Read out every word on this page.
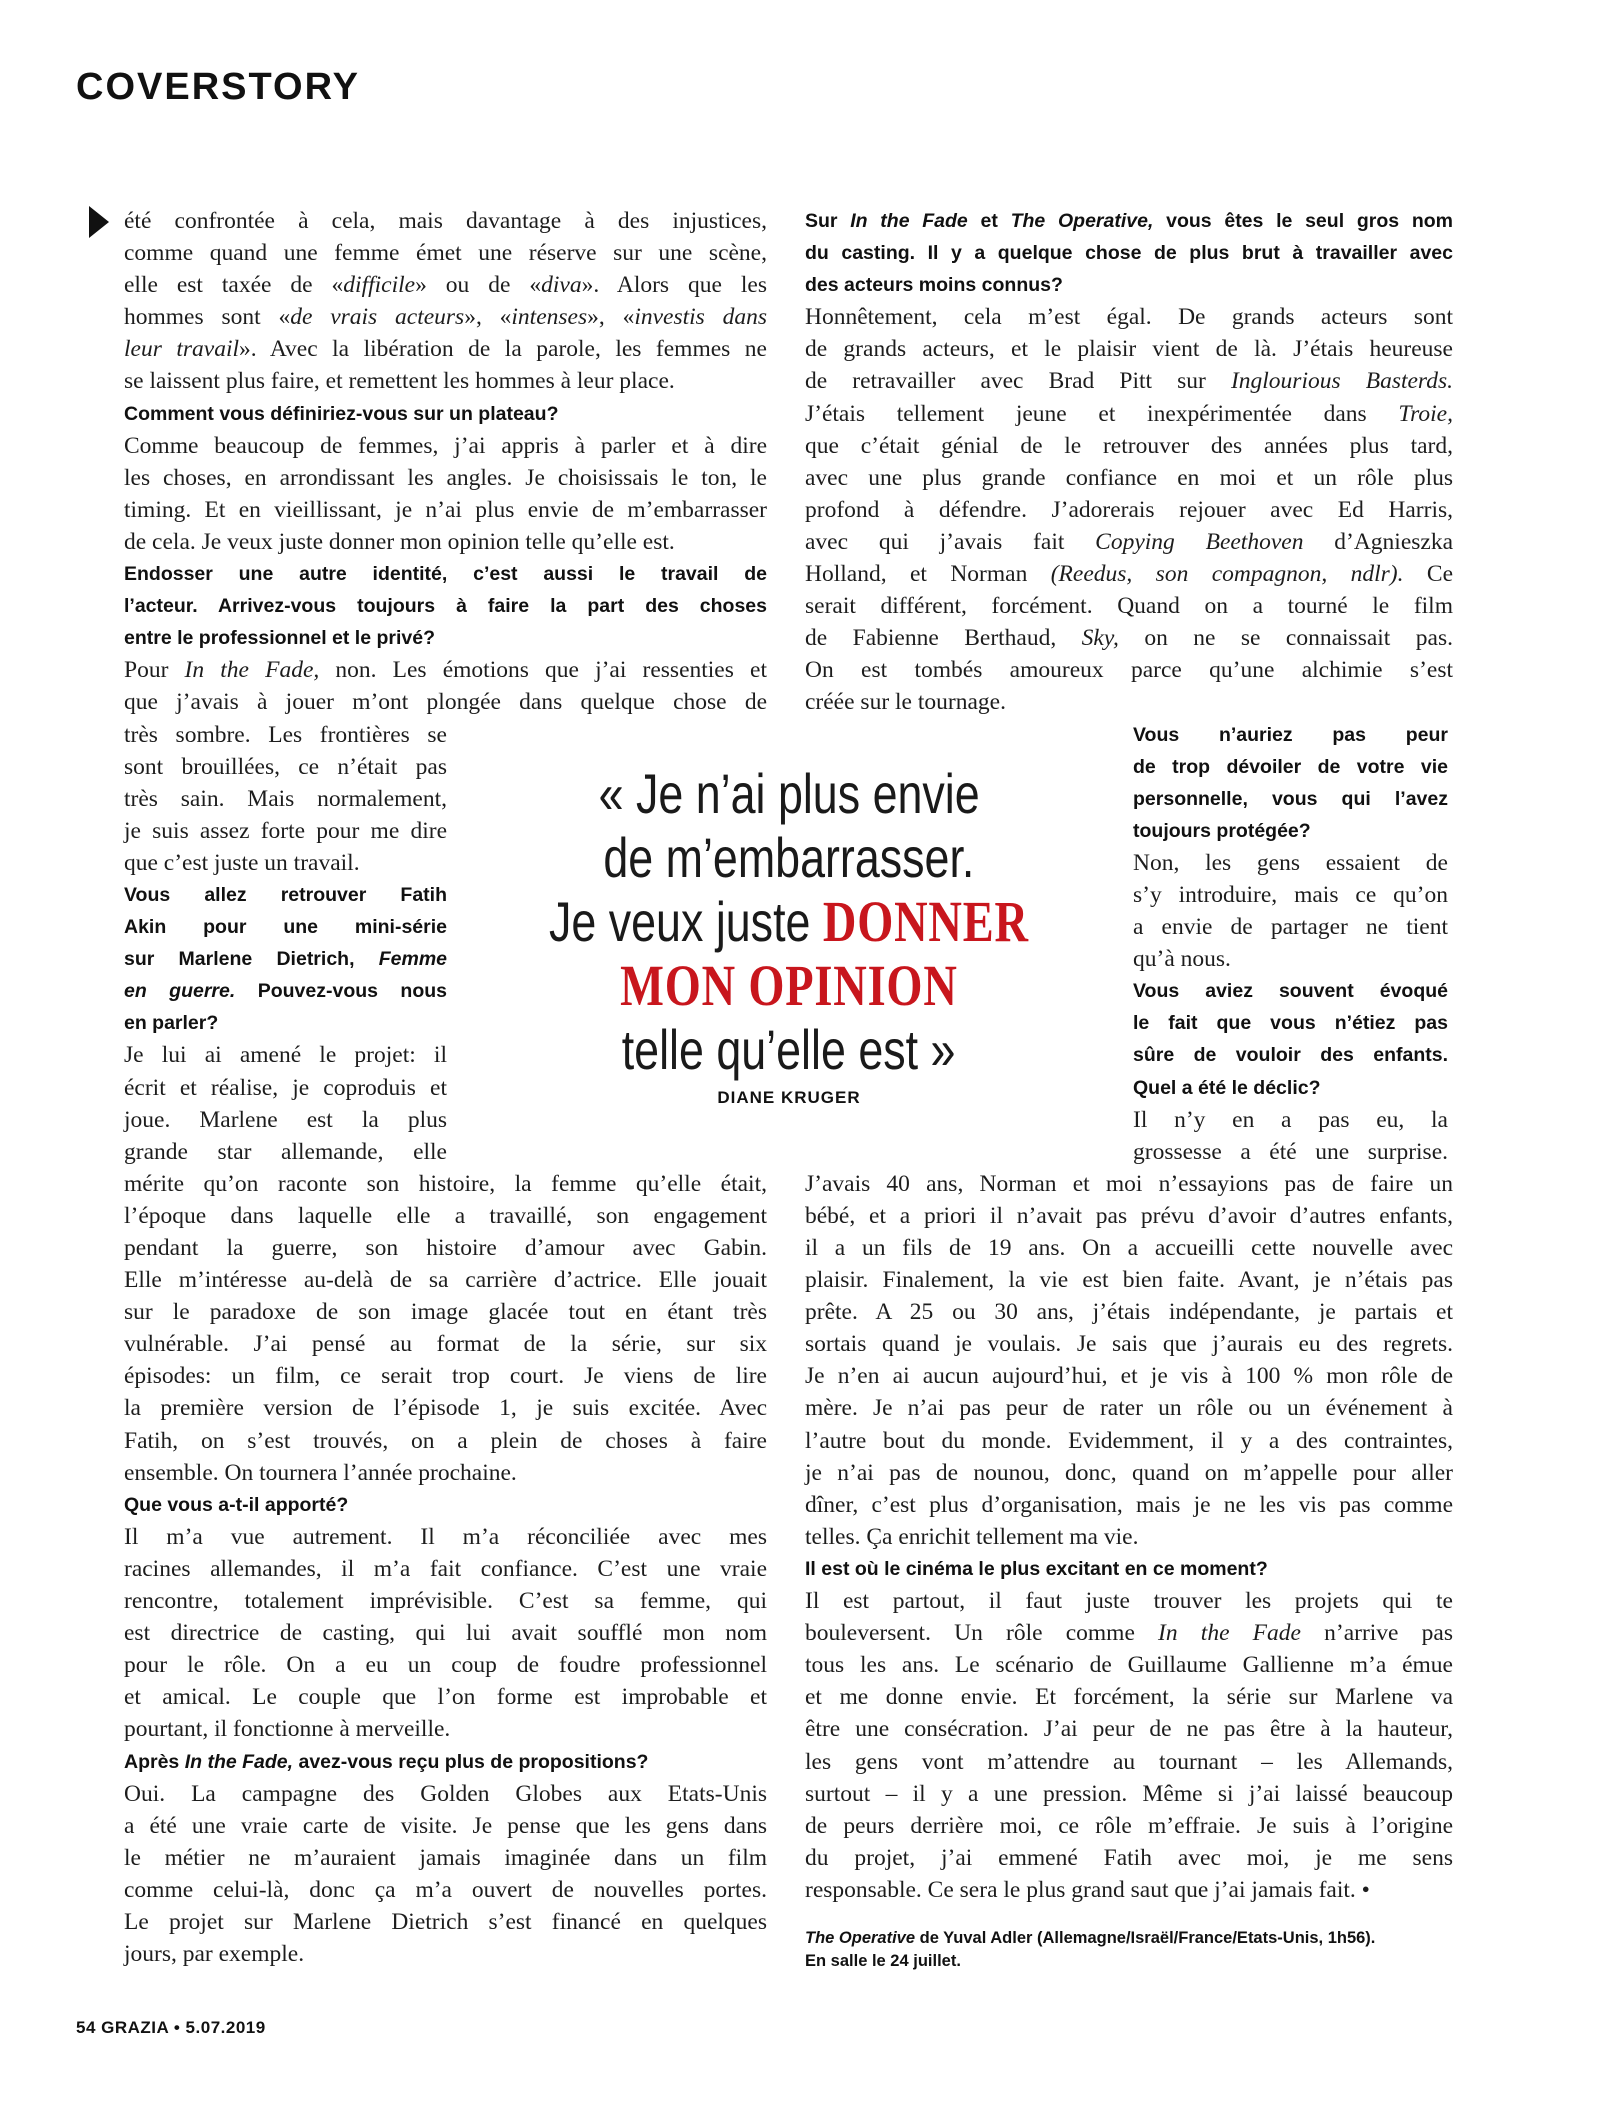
COVERSTORY
été confrontée à cela, mais davantage à des injustices,
comme quand une femme émet une réserve sur une scène,
elle est taxée de «difficile» ou de «diva». Alors que les
hommes sont «de vrais acteurs», «intenses», «investis dans
leur travail». Avec la libération de la parole, les femmes ne
se laissent plus faire, et remettent les hommes à leur place.
Comment vous définiriez-vous sur un plateau?
Comme beaucoup de femmes, j’ai appris à parler et à dire
les choses, en arrondissant les angles. Je choisissais le ton, le
timing. Et en vieillissant, je n’ai plus envie de m’embarrasser
de cela. Je veux juste donner mon opinion telle qu’elle est.
Endosser une autre identité, c’est aussi le travail de
l’acteur. Arrivez-vous toujours à faire la part des choses
entre le professionnel et le privé?
Pour In the Fade, non. Les émotions que j’ai ressenties et
que j’avais à jouer m’ont plongée dans quelque chose de
très sombre. Les frontières se
sont brouillées, ce n’était pas
très sain. Mais normalement,
je suis assez forte pour me dire
que c’est juste un travail.
Vous allez retrouver Fatih
Akin pour une mini-série
sur Marlene Dietrich, Femme
en guerre. Pouvez-vous nous
en parler?
Je lui ai amené le projet: il
écrit et réalise, je coproduis et
joue. Marlene est la plus
grande star allemande, elle
mérite qu’on raconte son histoire, la femme qu’elle était,
l’époque dans laquelle elle a travaillé, son engagement
pendant la guerre, son histoire d’amour avec Gabin.
Elle m’intéresse au-delà de sa carrière d’actrice. Elle jouait
sur le paradoxe de son image glacée tout en étant très
vulnérable. J’ai pensé au format de la série, sur six
épisodes: un film, ce serait trop court. Je viens de lire
la première version de l’épisode 1, je suis excitée. Avec
Fatih, on s’est trouvés, on a plein de choses à faire
ensemble. On tournera l’année prochaine.
Que vous a-t-il apporté?
Il m’a vue autrement. Il m’a réconciliée avec mes
racines allemandes, il m’a fait confiance. C’est une vraie
rencontre, totalement imprévisible. C’est sa femme, qui
est directrice de casting, qui lui avait soufflé mon nom
pour le rôle. On a eu un coup de foudre professionnel
et amical. Le couple que l’on forme est improbable et
pourtant, il fonctionne à merveille.
Après In the Fade, avez-vous reçu plus de propositions?
Oui. La campagne des Golden Globes aux Etats-Unis
a été une vraie carte de visite. Je pense que les gens dans
le métier ne m’auraient jamais imaginée dans un film
comme celui-là, donc ça m’a ouvert de nouvelles portes.
Le projet sur Marlene Dietrich s’est financé en quelques
jours, par exemple.
Sur In the Fade et The Operative, vous êtes le seul gros nom
du casting. Il y a quelque chose de plus brut à travailler avec
des acteurs moins connus?
Honnêtement, cela m’est égal. De grands acteurs sont
de grands acteurs, et le plaisir vient de là. J’étais heureuse
de retravailler avec Brad Pitt sur Inglourious Basterds.
J’étais tellement jeune et inexpérimentée dans Troie,
que c’était génial de le retrouver des années plus tard,
avec une plus grande confiance en moi et un rôle plus
profond à défendre. J’adorerais rejouer avec Ed Harris,
avec qui j’avais fait Copying Beethoven d’Agnieszka
Holland, et Norman (Reedus, son compagnon, ndlr). Ce
serait différent, forcément. Quand on a tourné le film
de Fabienne Berthaud, Sky, on ne se connaissait pas.
On est tombés amoureux parce qu’une alchimie s’est
créée sur le tournage.
Vous n’auriez pas peur
de trop dévoiler de votre vie
personnelle, vous qui l’avez
toujours protégée?
Non, les gens essaient de
s’y introduire, mais ce qu’on
a envie de partager ne tient
qu’à nous.
Vous aviez souvent évoqué
le fait que vous n’étiez pas
sûre de vouloir des enfants.
Quel a été le déclic?
Il n’y en a pas eu, la
grossesse a été une surprise.
J’avais 40 ans, Norman et moi n’essayions pas de faire un
bébé, et a priori il n’avait pas prévu d’avoir d’autres enfants,
il a un fils de 19 ans. On a accueilli cette nouvelle avec
plaisir. Finalement, la vie est bien faite. Avant, je n’étais pas
prête. A 25 ou 30 ans, j’étais indépendante, je partais et
sortais quand je voulais. Je sais que j’aurais eu des regrets.
Je n’en ai aucun aujourd’hui, et je vis à 100 % mon rôle de
mère. Je n’ai pas peur de rater un rôle ou un événement à
l’autre bout du monde. Evidemment, il y a des contraintes,
je n’ai pas de nounou, donc, quand on m’appelle pour aller
dîner, c’est plus d’organisation, mais je ne les vis pas comme
telles. Ça enrichit tellement ma vie.
Il est où le cinéma le plus excitant en ce moment?
Il est partout, il faut juste trouver les projets qui te
bouleversent. Un rôle comme In the Fade n’arrive pas
tous les ans. Le scénario de Guillaume Gallienne m’a émue
et me donne envie. Et forcément, la série sur Marlene va
être une consécration. J’ai peur de ne pas être à la hauteur,
les gens vont m’attendre au tournant – les Allemands,
surtout – il y a une pression. Même si j’ai laissé beaucoup
de peurs derrière moi, ce rôle m’effraie. Je suis à l’origine
du projet, j’ai emmené Fatih avec moi, je me sens
responsable. Ce sera le plus grand saut que j’ai jamais fait. •
« Je n’ai plus envie
de m’embarrasser.
Je veux juste DONNER
MON OPINION
telle qu’elle est »
DIANE KRUGER
The Operative de Yuval Adler (Allemagne/Israël/France/Etats-Unis, 1h56).
En salle le 24 juillet.
54 GRAZIA • 5.07.2019
